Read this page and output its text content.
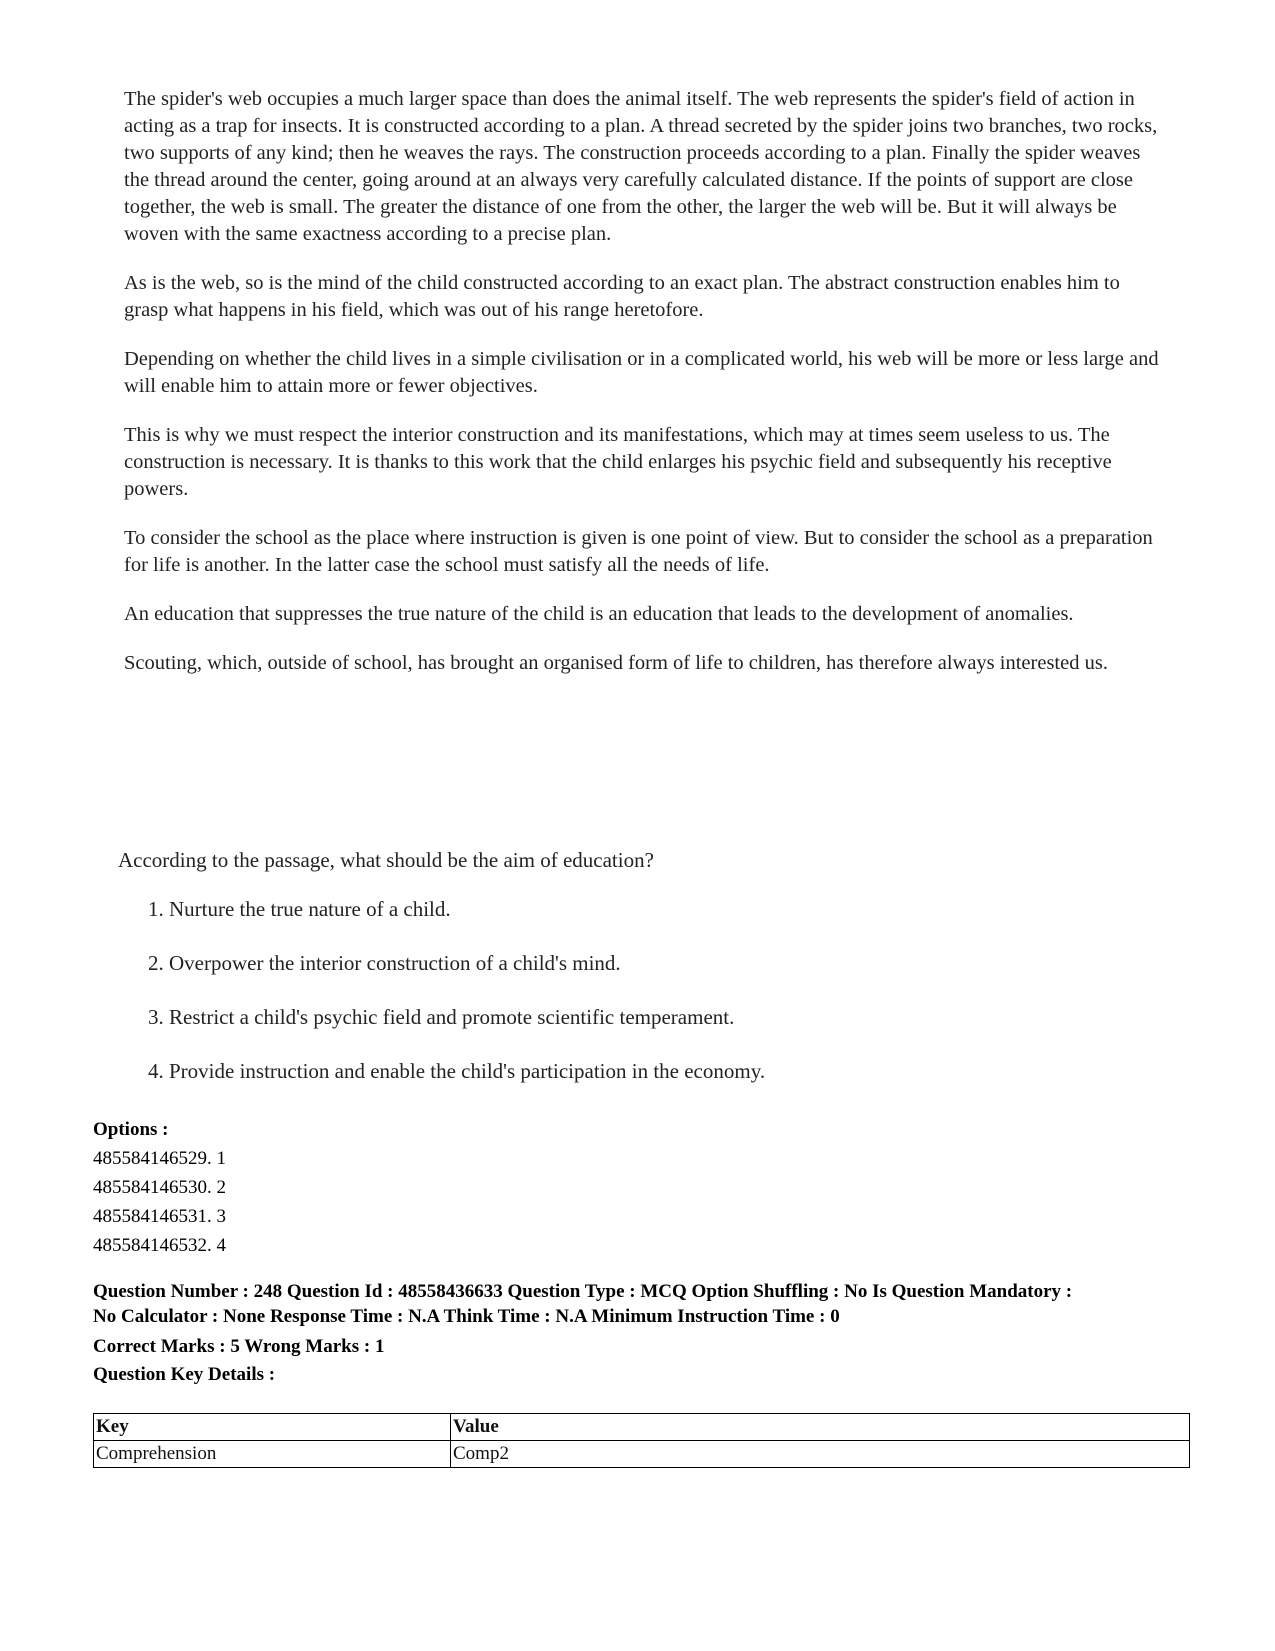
The spider's web occupies a much larger space than does the animal itself. The web represents the spider's field of action in acting as a trap for insects. It is constructed according to a plan. A thread secreted by the spider joins two branches, two rocks, two supports of any kind; then he weaves the rays. The construction proceeds according to a plan. Finally the spider weaves the thread around the center, going around at an always very carefully calculated distance. If the points of support are close together, the web is small. The greater the distance of one from the other, the larger the web will be. But it will always be woven with the same exactness according to a precise plan.

As is the web, so is the mind of the child constructed according to an exact plan. The abstract construction enables him to grasp what happens in his field, which was out of his range heretofore.

Depending on whether the child lives in a simple civilisation or in a complicated world, his web will be more or less large and will enable him to attain more or fewer objectives.

This is why we must respect the interior construction and its manifestations, which may at times seem useless to us. The construction is necessary. It is thanks to this work that the child enlarges his psychic field and subsequently his receptive powers.

To consider the school as the place where instruction is given is one point of view. But to consider the school as a preparation for life is another. In the latter case the school must satisfy all the needs of life.

An education that suppresses the true nature of the child is an education that leads to the development of anomalies.

Scouting, which, outside of school, has brought an organised form of life to children, has therefore always interested us.

According to the passage, what should be the aim of education?
1. Nurture the true nature of a child.
2. Overpower the interior construction of a child's mind.
3. Restrict a child's psychic field and promote scientific temperament.
4. Provide instruction and enable the child's participation in the economy.
Options :
485584146529. 1
485584146530. 2
485584146531. 3
485584146532. 4
Question Number : 248 Question Id : 48558436633 Question Type : MCQ Option Shuffling : No Is Question Mandatory :
No Calculator : None Response Time : N.A Think Time : N.A Minimum Instruction Time : 0
Correct Marks : 5 Wrong Marks : 1
Question Key Details :
Key	Value
Comprehension	Comp2
